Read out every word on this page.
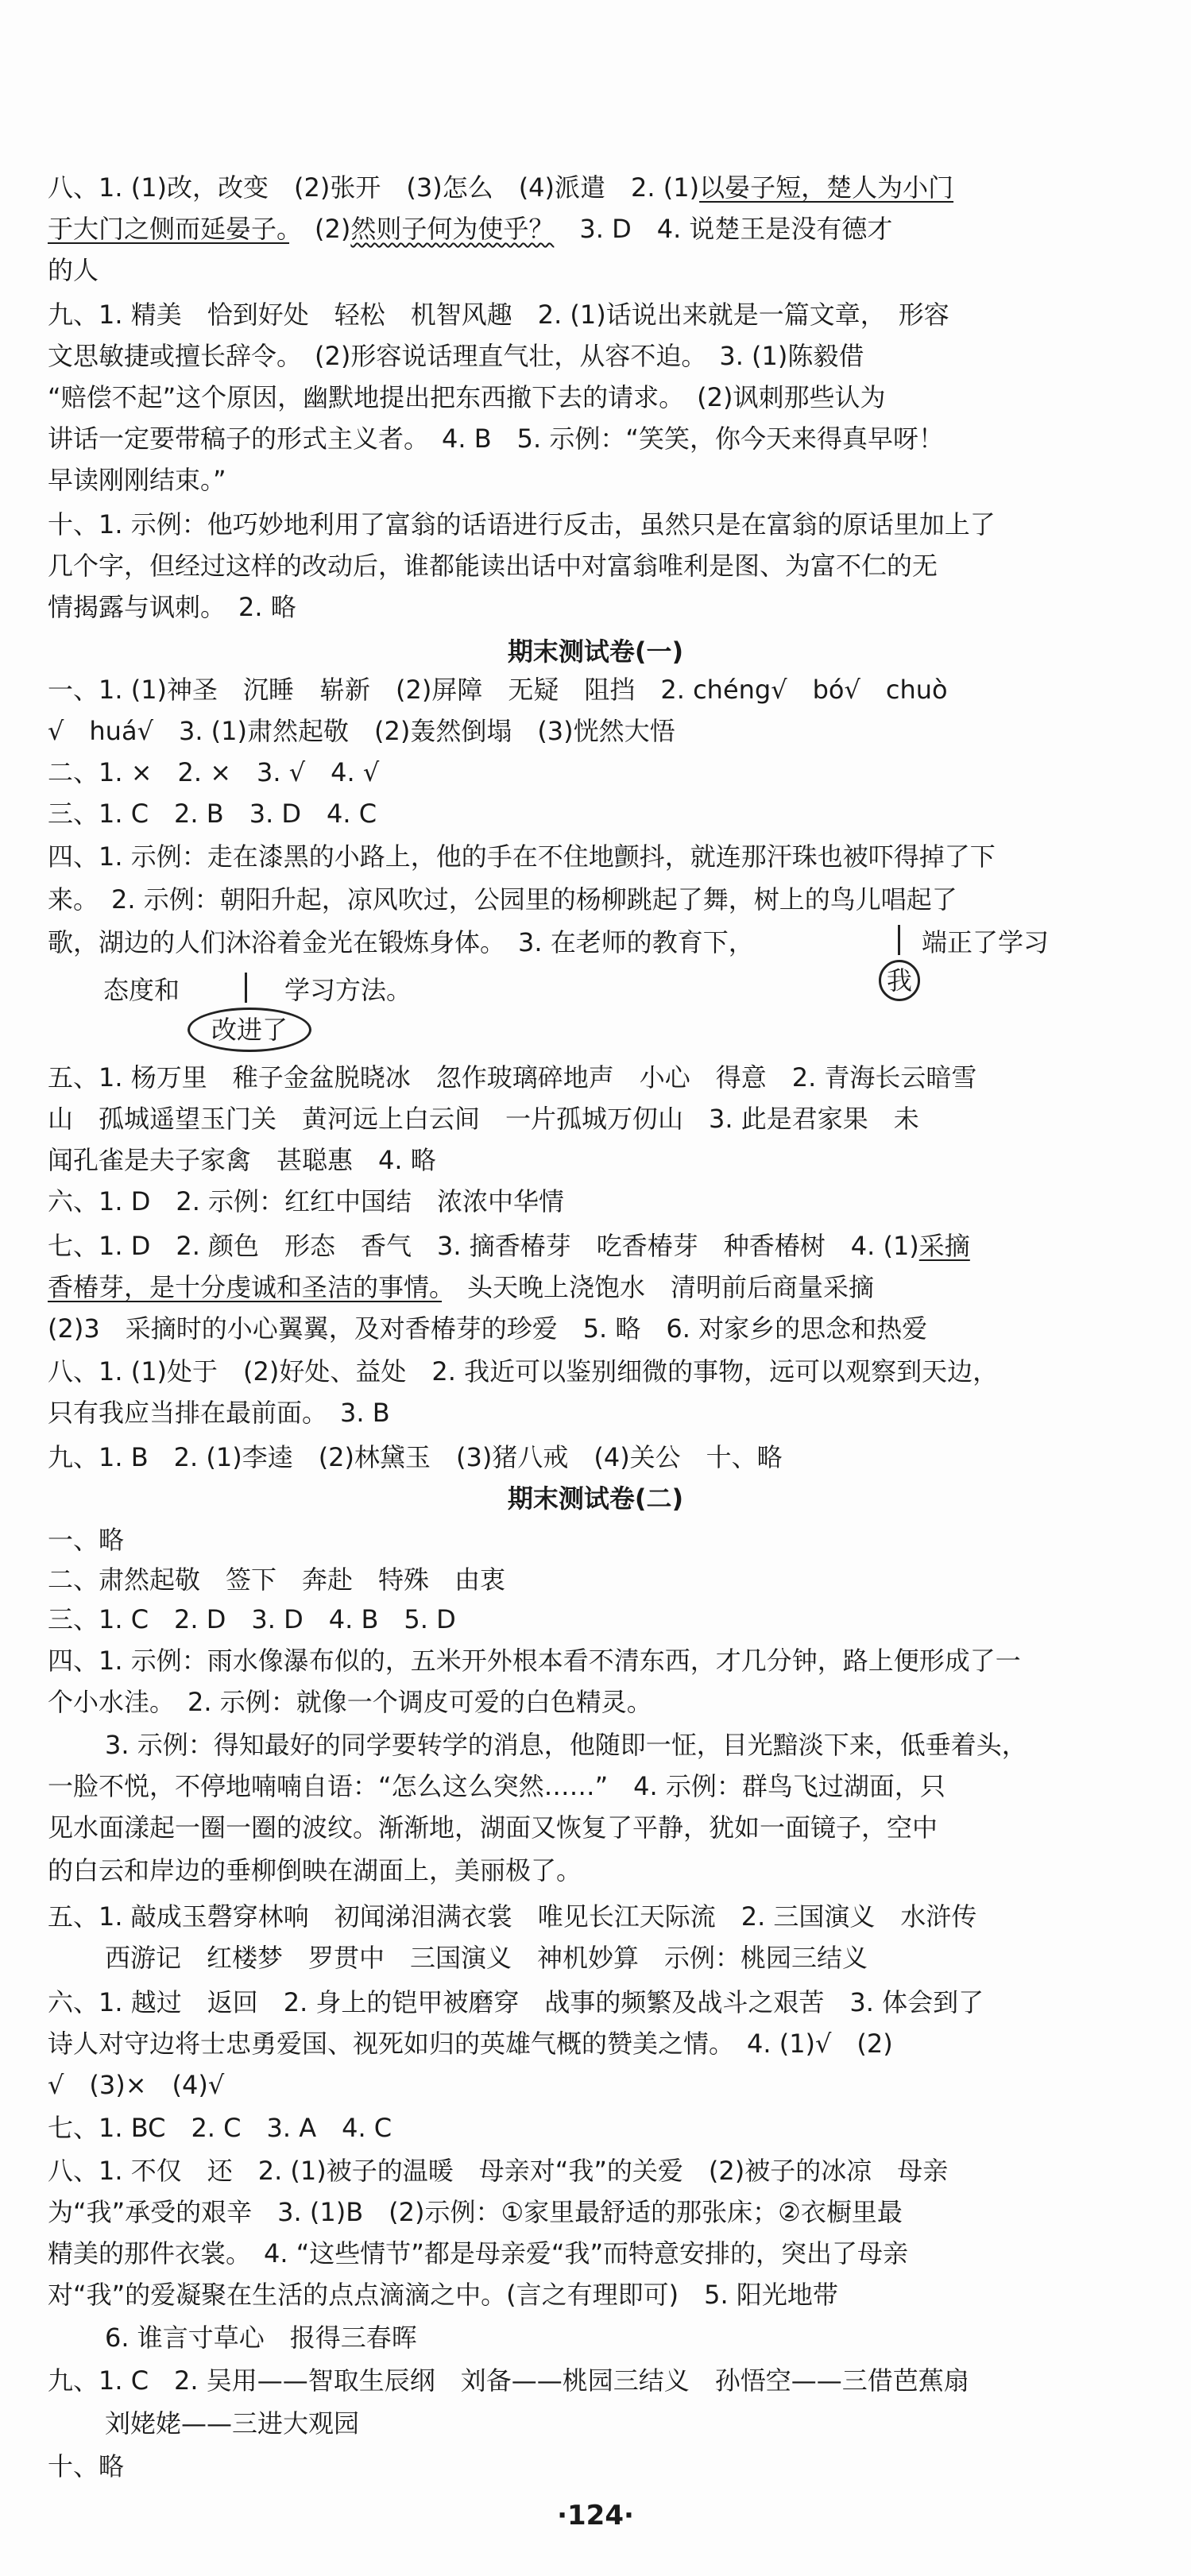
八、1. (1)改，改变　(2)张开　(3)怎么　(4)派遣　2. (1)以晏子短，楚人为小门
于大门之侧而延晏子。　(2)然则子何为使乎？　3. D　4. 说楚王是没有德才
的人
九、1. 精美　恰到好处　轻松　机智风趣　2. (1)话说出来就是一篇文章，　形容
文思敏捷或擅长辞令。　(2)形容说话理直气壮，从容不迫。　3. (1)陈毅借
“赔偿不起”这个原因，幽默地提出把东西撤下去的请求。　(2)讽刺那些认为
讲话一定要带稿子的形式主义者。　4. B　5. 示例：“笑笑，你今天来得真早呀！
早读刚刚结束。”
十、1. 示例：他巧妙地利用了富翁的话语进行反击，虽然只是在富翁的原话里加上了
几个字，但经过这样的改动后，谁都能读出话中对富翁唯利是图、为富不仁的无
情揭露与讽刺。　2. 略
期末测试卷(一)
一、1. (1)神圣　沉睡　崭新　(2)屏障　无疑　阻挡　2. chéng√　bó√　chuò
√　huá√　3. (1)肃然起敬　(2)轰然倒塌　(3)恍然大悟
二、1. ×　2. ×　3. √　4. √
三、1. C　2. B　3. D　4. C
四、1. 示例：走在漆黑的小路上，他的手在不住地颤抖，就连那汗珠也被吓得掉了下
来。　2. 示例：朝阳升起，凉风吹过，公园里的杨柳跳起了舞，树上的鸟儿唱起了
歌，湖边的人们沐浴着金光在锻炼身体。　3. 在老师的教育下，	端正了学习
我
态度和	学习方法。
改进了
五、1. 杨万里　稚子金盆脱晓冰　忽作玻璃碎地声　小心　得意　2. 青海长云暗雪
山　孤城遥望玉门关　黄河远上白云间　一片孤城万仞山　3. 此是君家果　未
闻孔雀是夫子家禽　甚聪惠　4. 略
六、1. D　2. 示例：红红中国结　浓浓中华情
七、1. D　2. 颜色　形态　香气　3. 摘香椿芽　吃香椿芽　种香椿树　4. (1)采摘
香椿芽，是十分虔诚和圣洁的事情。　头天晚上浇饱水　清明前后商量采摘
(2)3　采摘时的小心翼翼，及对香椿芽的珍爱　5. 略　6. 对家乡的思念和热爱
八、1. (1)处于　(2)好处、益处　2. 我近可以鉴别细微的事物，远可以观察到天边，
只有我应当排在最前面。　3. B
九、1. B　2. (1)李逵　(2)林黛玉　(3)猪八戒　(4)关公　十、略
期末测试卷(二)
一、略
二、肃然起敬　签下　奔赴　特殊　由衷
三、1. C　2. D　3. D　4. B　5. D
四、1. 示例：雨水像瀑布似的，五米开外根本看不清东西，才几分钟，路上便形成了一
个小水洼。　2. 示例：就像一个调皮可爱的白色精灵。
3. 示例：得知最好的同学要转学的消息，他随即一怔，目光黯淡下来，低垂着头，
一脸不悦，不停地喃喃自语：“怎么这么突然……”　4. 示例：群鸟飞过湖面，只
见水面漾起一圈一圈的波纹。渐渐地，湖面又恢复了平静，犹如一面镜子，空中
的白云和岸边的垂柳倒映在湖面上，美丽极了。
五、1. 敲成玉磬穿林响　初闻涕泪满衣裳　唯见长江天际流　2. 三国演义　水浒传
西游记　红楼梦　罗贯中　三国演义　神机妙算　示例：桃园三结义
六、1. 越过　返回　2. 身上的铠甲被磨穿　战事的频繁及战斗之艰苦　3. 体会到了
诗人对守边将士忠勇爱国、视死如归的英雄气概的赞美之情。　4. (1)√　(2)
√　(3)×　(4)√
七、1. BC　2. C　3. A　4. C
八、1. 不仅　还　2. (1)被子的温暖　母亲对“我”的关爱　(2)被子的冰凉　母亲
为“我”承受的艰辛　3. (1)B　(2)示例：①家里最舒适的那张床；②衣橱里最
精美的那件衣裳。　4. “这些情节”都是母亲爱“我”而特意安排的，突出了母亲
对“我”的爱凝聚在生活的点点滴滴之中。(言之有理即可)　5. 阳光地带
6. 谁言寸草心　报得三春晖
九、1. C　2. 吴用——智取生辰纲　刘备——桃园三结义　孙悟空——三借芭蕉扇
刘姥姥——三进大观园
十、略
·124·
